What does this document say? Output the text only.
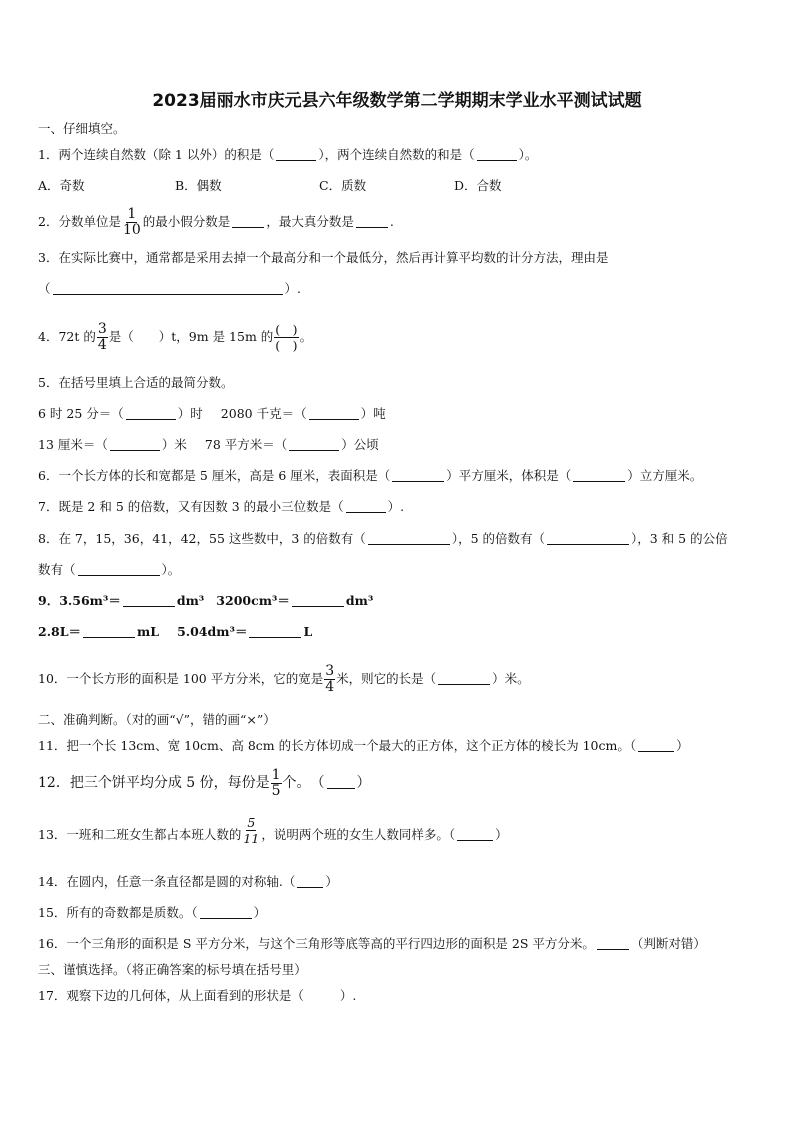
2023届丽水市庆元县六年级数学第二学期期末学业水平测试试题
一、仔细填空。
1．两个连续自然数（除 1 以外）的积是（	），两个连续自然数的和是（	）。
A．奇数	B．偶数	C．质数	D．合数
2．分数单位是 $\frac{1}{10}$ 的最小假分数是	，最大真分数是	.
3．在实际比赛中，通常都是采用去掉一个最高分和一个最低分，然后再计算平均数的计分方法，理由是
（	）.
4．72t 的 $\frac{3}{4}$ 是（　　）t，9m 是 15m 的 $\frac{( )}{( )}$ 。
5．在括号里填上合适的最简分数。
6 时 25 分＝（	）时 2080 千克＝（	）吨
13 厘米＝（	）米 78 平方米＝（	）公顷
6．一个长方体的长和宽都是 5 厘米，高是 6 厘米，表面积是（	）平方厘米，体积是（	）立方厘米。
7．既是 2 和 5 的倍数，又有因数 3 的最小三位数是（	）.
8．在 7，15，36，41，42，55 这些数中，3 的倍数有（	），5 的倍数有（	），3 和 5 的公倍
数有（	）。
9．3.56m³＝	dm³ 3200cm³＝	dm³
2.8L＝	mL 5.04dm³＝	L
10．一个长方形的面积是 100 平方分米，它的宽是 $\frac{3}{4}$ 米，则它的长是（	）米。
二、准确判断。（对的画“√”，错的画“×”）
11．把一个长 13cm、宽 10cm、高 8cm 的长方体切成一个最大的正方体，这个正方体的棱长为 10cm。（	）
12．把三个饼平均分成 5 份，每份是 $\frac{1}{5}$ 个。　（ ）
13．一班和二班女生都占本班人数的 $\frac{5}{11}$ ，说明两个班的女生人数同样多。（	）
14．在圆内，任意一条直径都是圆的对称轴.（ ）
15．所有的奇数都是质数。（	）
16．一个三角形的面积是 S 平方分米，与这个三角形等底等高的平行四边形的面积是 2S 平方分米。	（判断对错）
三、谨慎选择。（将正确答案的标号填在括号里）
17．观察下边的几何体，从上面看到的形状是（	）.
